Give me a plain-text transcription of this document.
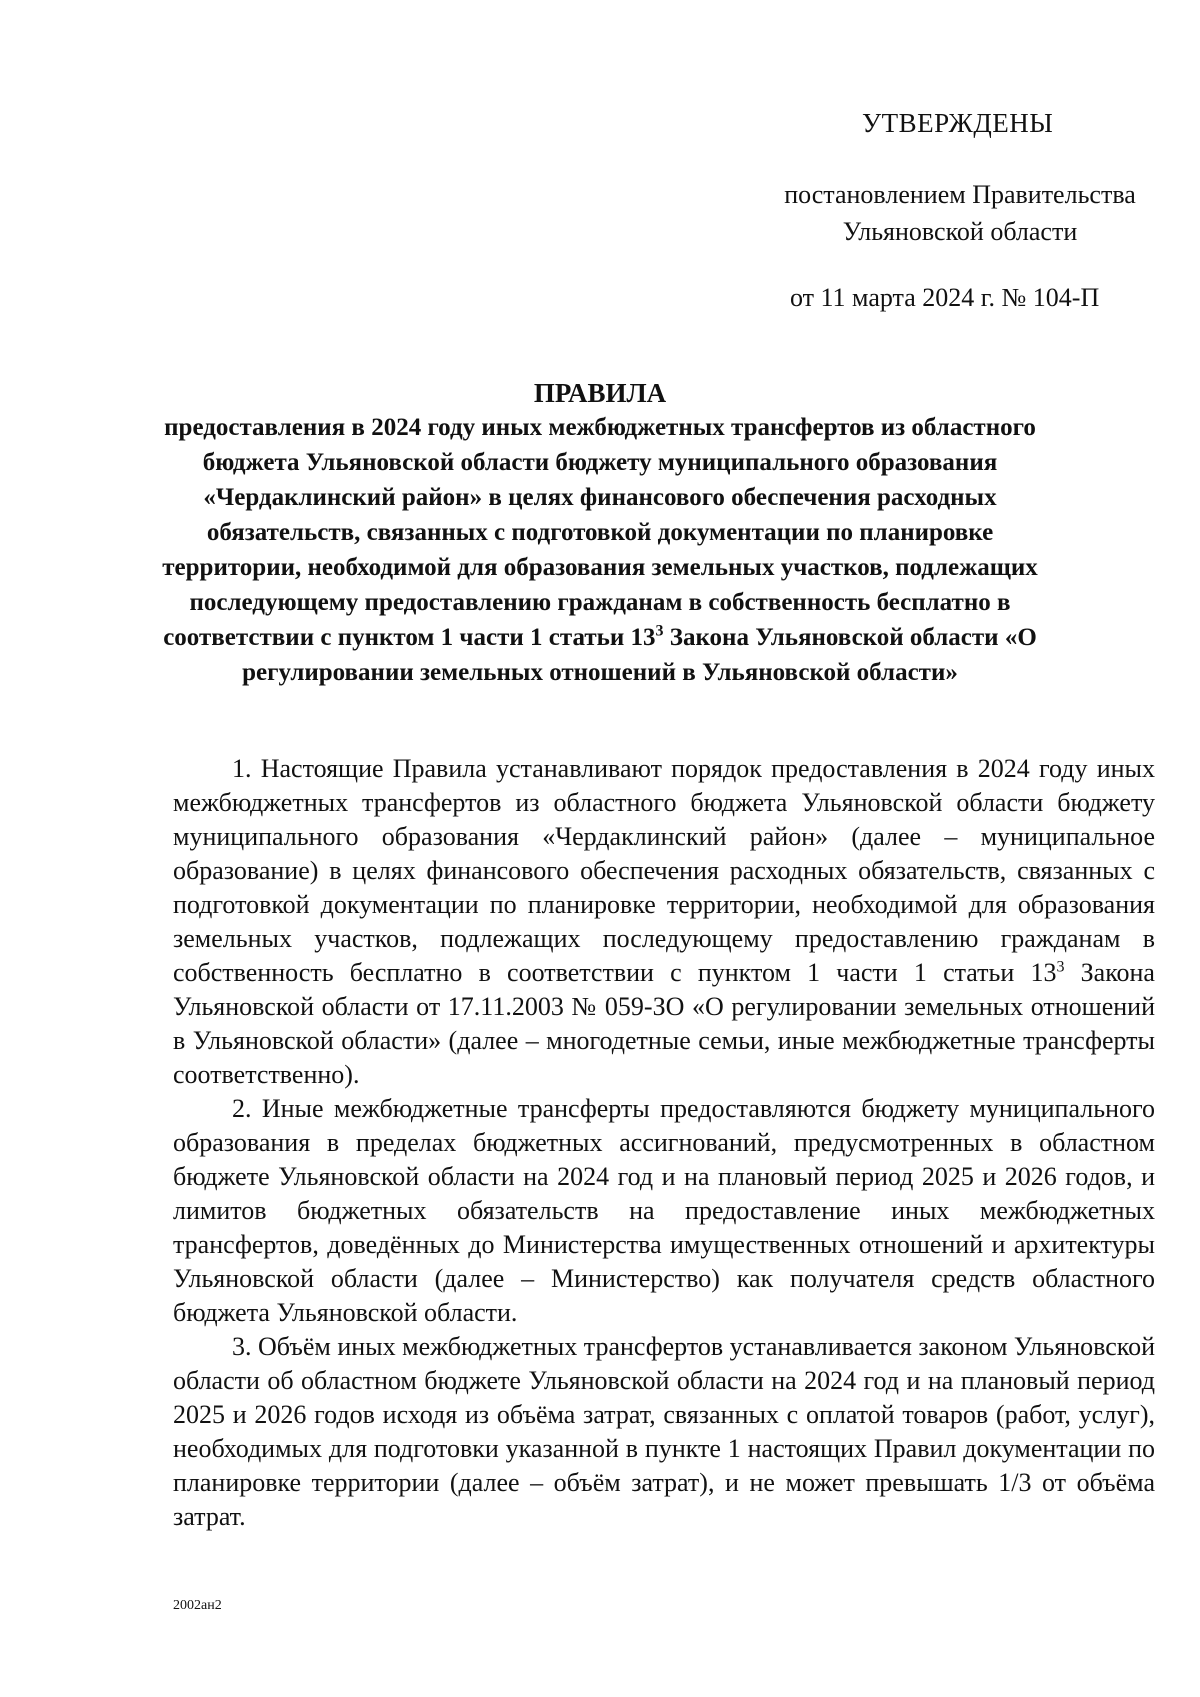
УТВЕРЖДЕНЫ
постановлением Правительства
Ульяновской области
от 11 марта 2024 г. № 104-П
ПРАВИЛА
предоставления в 2024 году иных межбюджетных трансфертов из областного бюджета Ульяновской области бюджету муниципального образования «Чердаклинский район» в целях финансового обеспечения расходных обязательств, связанных с подготовкой документации по планировке территории, необходимой для образования земельных участков, подлежащих последующему предоставлению гражданам в собственность бесплатно в соответствии с пунктом 1 части 1 статьи $13^3$ Закона Ульяновской области «О регулировании земельных отношений в Ульяновской области»

1. Настоящие Правила устанавливают порядок предоставления в 2024 году иных межбюджетных трансфертов из областного бюджета Ульяновской области бюджету муниципального образования «Чердаклинский район» (далее – муниципальное образование) в целях финансового обеспечения расходных обязательств, связанных с подготовкой документации по планировке территории, необходимой для образования земельных участков, подлежащих последующему предоставлению гражданам в собственность бесплатно в соответствии с пунктом 1 части 1 статьи $13^3$ Закона Ульяновской области от 17.11.2003 № 059-ЗО «О регулировании земельных отношений в Ульяновской области» (далее – многодетные семьи, иные межбюджетные трансферты соответственно).

2. Иные межбюджетные трансферты предоставляются бюджету муниципального образования в пределах бюджетных ассигнований, предусмотренных в областном бюджете Ульяновской области на 2024 год и на плановый период 2025 и 2026 годов, и лимитов бюджетных обязательств на предоставление иных межбюджетных трансфертов, доведённых до Министерства имущественных отношений и архитектуры Ульяновской области (далее – Министерство) как получателя средств областного бюджета Ульяновской области.

3. Объём иных межбюджетных трансфертов устанавливается законом Ульяновской области об областном бюджете Ульяновской области на 2024 год и на плановый период 2025 и 2026 годов исходя из объёма затрат, связанных с оплатой товаров (работ, услуг), необходимых для подготовки указанной в пункте 1 настоящих Правил документации по планировке территории (далее – объём затрат), и не может превышать 1/3 от объёма затрат.

2002ан2
